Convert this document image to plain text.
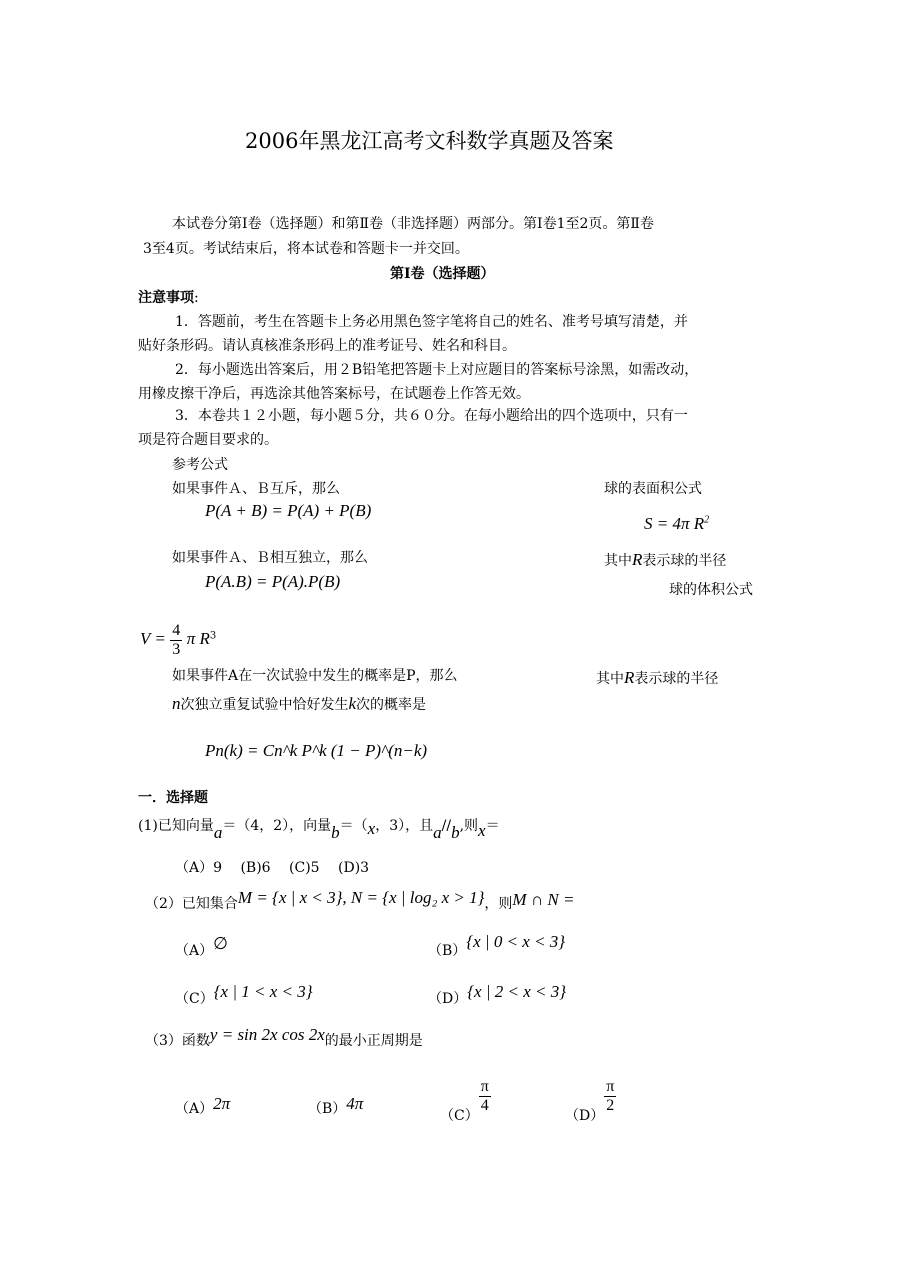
2006年黑龙江高考文科数学真题及答案
本试卷分第Ⅰ卷（选择题）和第Ⅱ卷（非选择题）两部分。第Ⅰ卷1至2页。第Ⅱ卷
3至4页。考试结束后，将本试卷和答题卡一并交回。
第Ⅰ卷（选择题）
注意事项:
1．答题前，考生在答题卡上务必用黑色签字笔将自己的姓名、准考号填写清楚，并
贴好条形码。请认真核准条形码上的准考证号、姓名和科目。
2．每小题选出答案后，用２B铅笔把答题卡上对应题目的答案标号涂黑，如需改动，
用橡皮擦干净后，再选涂其他答案标号，在试题卷上作答无效。
3．本卷共１２小题，每小题５分，共６０分。在每小题给出的四个选项中，只有一
项是符合题目要求的。
参考公式
如果事件Ａ、Ｂ互斥，那么	球的表面积公式
P(A + B) = P(A) + P(B)
S = 4π $R^2$
如果事件Ａ、Ｂ相互独立，那么	其中R表示球的半径
P(A.B) = P(A).P(B)	球的体积公式
$V = \frac{4}{3}$ π $R^3$
如果事件A在一次试验中发生的概率是P，那么	其中R表示球的半径
n次独立重复试验中恰好发生k次的概率是
Pn(k) = Cn^k P^k (1 − P)^(n−k)
一．选择题
(1)已知向量a＝（4，2），向量b＝（x，3），且a//b,则x＝
（A）9　 (B)6　 (C)5　 (D)3
（2）已知集合M = {x | x < 3}, N = {x | log₂ x > 1}，则M ∩ N =
（A）∅	（B）{x | 0 < x < 3}
（C）{x | 1 < x < 3}	（D）{x | 2 < x < 3}
（3）函数y = sin 2x cos 2x的最小正周期是
（A）2π	（B）4π
（C）
$\frac{\pi}{4}$
（D）
$\frac{\pi}{2}$
